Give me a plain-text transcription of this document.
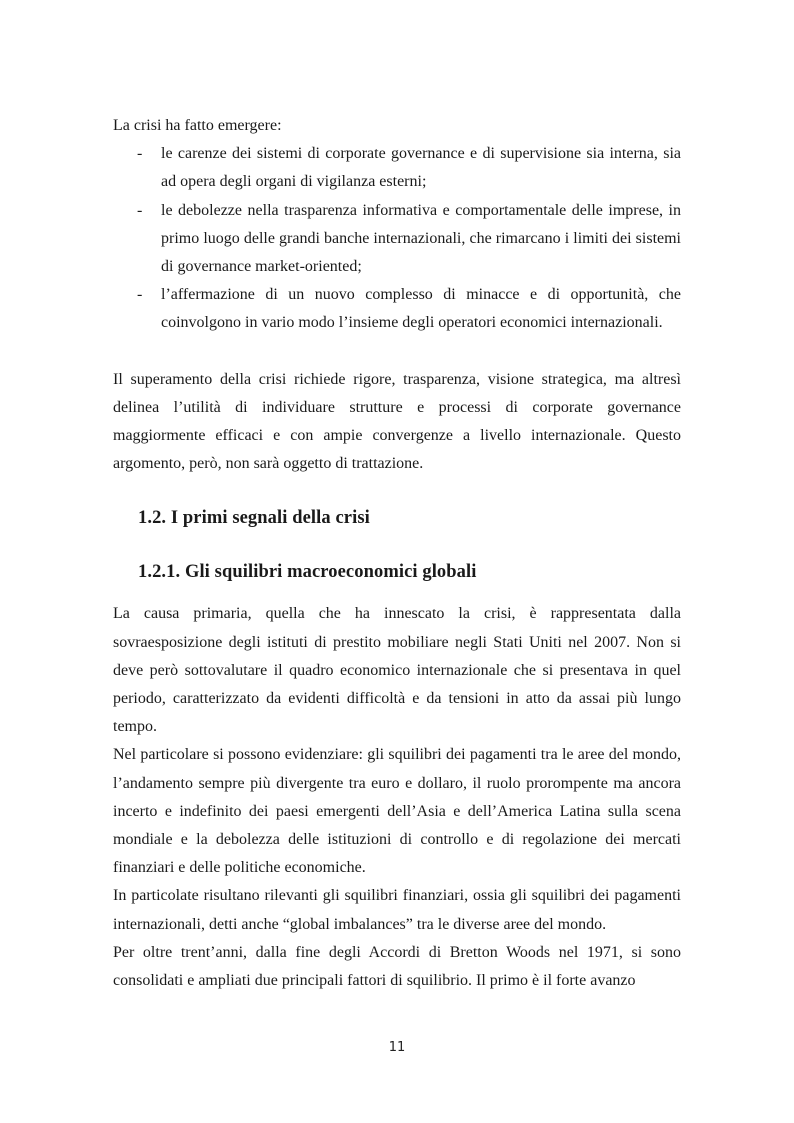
La crisi ha fatto emergere:

- le carenze dei sistemi di corporate governance e di supervisione sia interna, sia ad opera degli organi di vigilanza esterni;
- le debolezze nella trasparenza informativa e comportamentale delle imprese, in primo luogo delle grandi banche internazionali, che rimarcano i limiti dei sistemi di governance market-oriented;
- l’affermazione di un nuovo complesso di minacce e di opportunità, che coinvolgono in vario modo l’insieme degli operatori economici internazionali.

Il superamento della crisi richiede rigore, trasparenza, visione strategica, ma altresì delinea l’utilità di individuare strutture e processi di corporate governance maggiormente efficaci e con ampie convergenze a livello internazionale. Questo argomento, però, non sarà oggetto di trattazione.

1.2. I primi segnali della crisi
1.2.1. Gli squilibri macroeconomici globali

La causa primaria, quella che ha innescato la crisi, è rappresentata dalla sovraesposizione degli istituti di prestito mobiliare negli Stati Uniti nel 2007. Non si deve però sottovalutare il quadro economico internazionale che si presentava in quel periodo, caratterizzato da evidenti difficoltà e da tensioni in atto da assai più lungo tempo.

Nel particolare si possono evidenziare: gli squilibri dei pagamenti tra le aree del mondo, l’andamento sempre più divergente tra euro e dollaro, il ruolo prorompente ma ancora incerto e indefinito dei paesi emergenti dell’Asia e dell’America Latina sulla scena mondiale e la debolezza delle istituzioni di controllo e di regolazione dei mercati finanziari e delle politiche economiche.

In particolate risultano rilevanti gli squilibri finanziari, ossia gli squilibri dei pagamenti internazionali, detti anche “global imbalances” tra le diverse aree del mondo.

Per oltre trent’anni, dalla fine degli Accordi di Bretton Woods nel 1971, si sono consolidati e ampliati due principali fattori di squilibrio. Il primo è il forte avanzo

11
